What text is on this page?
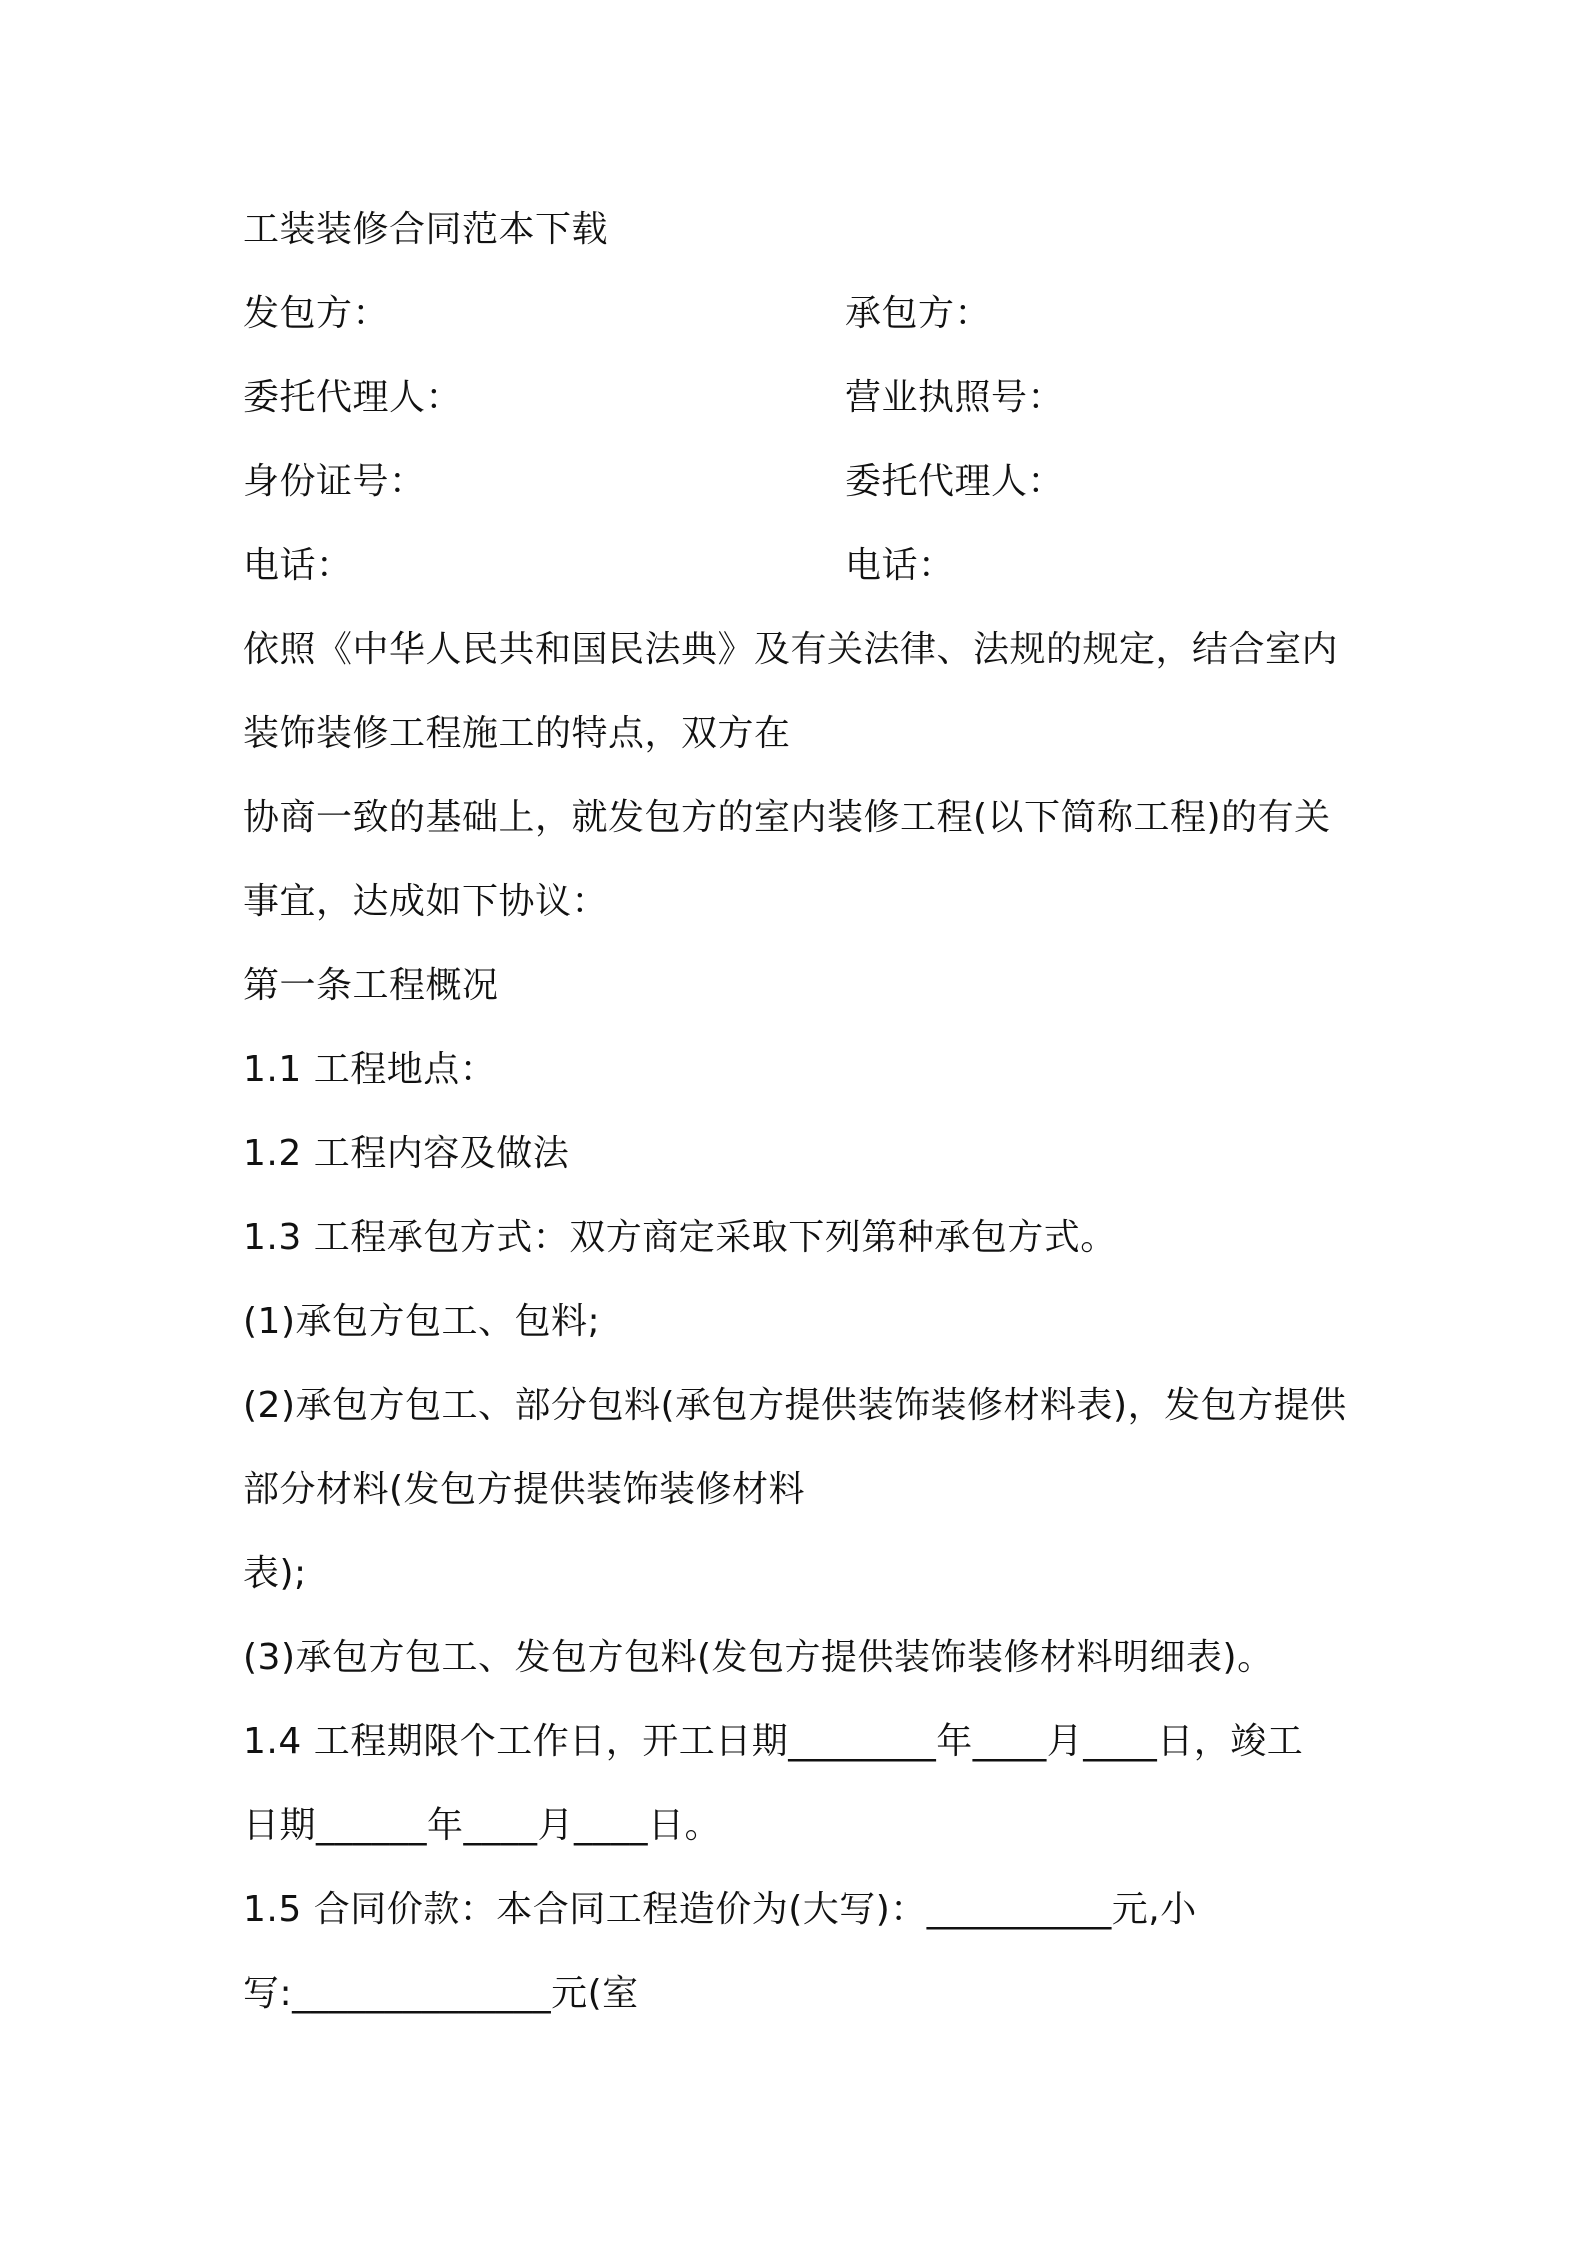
工装装修合同范本下载
发包方：	承包方：
委托代理人：	营业执照号：
身份证号：	委托代理人：
电话：	电话：
依照《中华人民共和国民法典》及有关法律、法规的规定，结合室内
装饰装修工程施工的特点，双方在
协商一致的基础上，就发包方的室内装修工程(以下简称工程)的有关
事宜，达成如下协议：
第一条工程概况
1.1 工程地点：
1.2 工程内容及做法
1.3 工程承包方式：双方商定采取下列第种承包方式。
(1)承包方包工、包料;
(2)承包方包工、部分包料(承包方提供装饰装修材料表)，发包方提供
部分材料(发包方提供装饰装修材料
表);
(3)承包方包工、发包方包料(发包方提供装饰装修材料明细表)。
1.4 工程期限个工作日，开工日期________年____月____日，竣工
日期______年____月____日。
1.5 合同价款：本合同工程造价为(大写)：__________元,小
写:______________元(室
